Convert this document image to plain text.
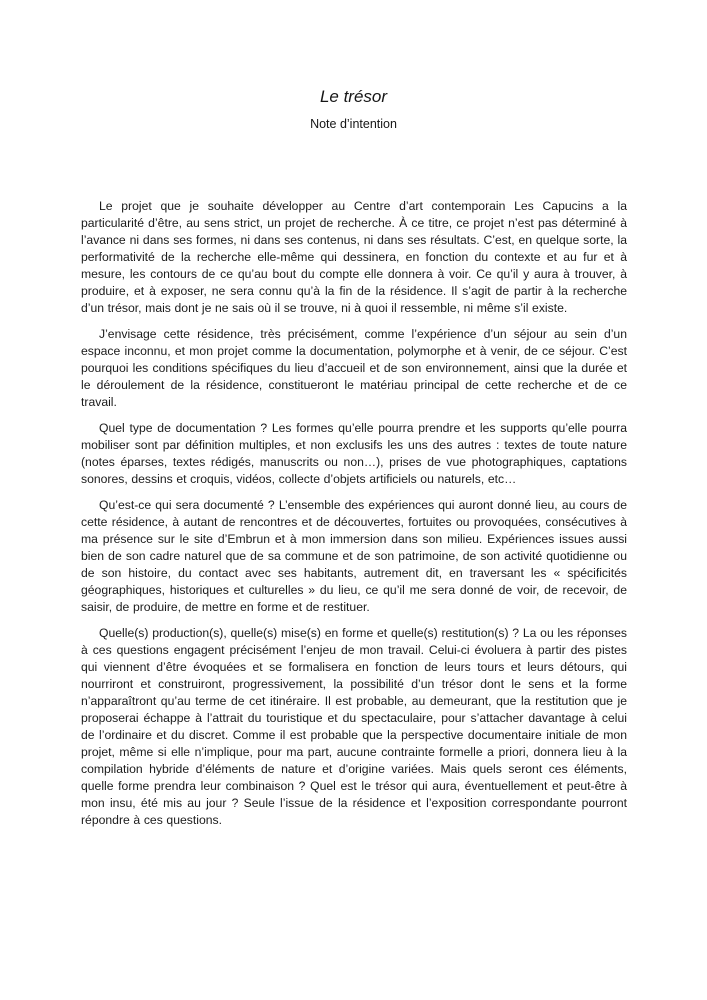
Le trésor
Note d’intention

Le projet que je souhaite développer au Centre d’art contemporain Les Capucins a la particularité d’être, au sens strict, un projet de recherche. À ce titre, ce projet n’est pas déterminé à l’avance ni dans ses formes, ni dans ses contenus, ni dans ses résultats. C’est, en quelque sorte, la performativité de la recherche elle-même qui dessinera, en fonction du contexte et au fur et à mesure, les contours de ce qu’au bout du compte elle donnera à voir. Ce qu’il y aura à trouver, à produire, et à exposer, ne sera connu qu’à la fin de la résidence. Il s’agit de partir à la recherche d’un trésor, mais dont je ne sais où il se trouve, ni à quoi il ressemble, ni même s’il existe.

J’envisage cette résidence, très précisément, comme l’expérience d’un séjour au sein d’un espace inconnu, et mon projet comme la documentation, polymorphe et à venir, de ce séjour. C’est pourquoi les conditions spécifiques du lieu d’accueil et de son environnement, ainsi que la durée et le déroulement de la résidence, constitueront le matériau principal de cette recherche et de ce travail.

Quel type de documentation ? Les formes qu’elle pourra prendre et les supports qu’elle pourra mobiliser sont par définition multiples, et non exclusifs les uns des autres : textes de toute nature (notes éparses, textes rédigés, manuscrits ou non…), prises de vue photographiques, captations sonores, dessins et croquis, vidéos, collecte d’objets artificiels ou naturels, etc…

Qu’est-ce qui sera documenté ? L’ensemble des expériences qui auront donné lieu, au cours de cette résidence, à autant de rencontres et de découvertes, fortuites ou provoquées, consécutives à ma présence sur le site d’Embrun et à mon immersion dans son milieu. Expériences issues aussi bien de son cadre naturel que de sa commune et de son patrimoine, de son activité quotidienne ou de son histoire, du contact avec ses habitants, autrement dit, en traversant les « spécificités géographiques, historiques et culturelles » du lieu, ce qu’il me sera donné de voir, de recevoir, de saisir, de produire, de mettre en forme et de restituer.

Quelle(s) production(s), quelle(s) mise(s) en forme et quelle(s) restitution(s) ? La ou les réponses à ces questions engagent précisément l’enjeu de mon travail. Celui-ci évoluera à partir des pistes qui viennent d’être évoquées et se formalisera en fonction de leurs tours et leurs détours, qui nourriront et construiront, progressivement, la possibilité d’un trésor dont le sens et la forme n’apparaîtront qu’au terme de cet itinéraire. Il est probable, au demeurant, que la restitution que je proposerai échappe à l’attrait du touristique et du spectaculaire, pour s’attacher davantage à celui de l’ordinaire et du discret. Comme il est probable que la perspective documentaire initiale de mon projet, même si elle n’implique, pour ma part, aucune contrainte formelle a priori, donnera lieu à la compilation hybride d’éléments de nature et d’origine variées. Mais quels seront ces éléments, quelle forme prendra leur combinaison ? Quel est le trésor qui aura, éventuellement et peut-être à mon insu, été mis au jour ? Seule l’issue de la résidence et l’exposition correspondante pourront répondre à ces questions.
